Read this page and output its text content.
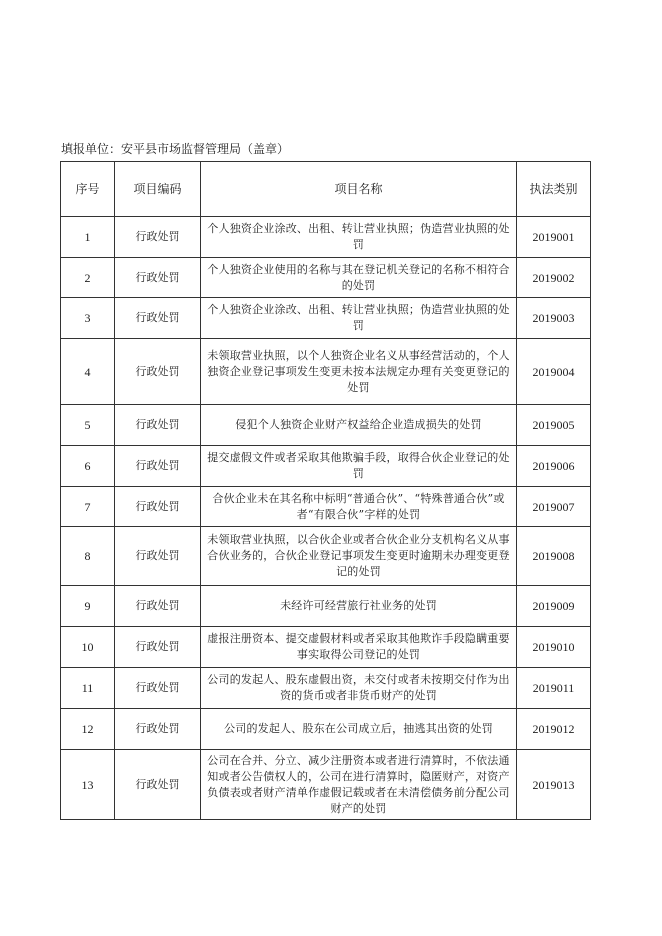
填报单位：安平县市场监督管理局（盖章）
序号	项目编码	项目名称	执法类别
1	行政处罚	个人独资企业涂改、出租、转让营业执照；伪造营业执照的处罚	2019001
2	行政处罚	个人独资企业使用的名称与其在登记机关登记的名称不相符合的处罚	2019002
3	行政处罚	个人独资企业涂改、出租、转让营业执照；伪造营业执照的处罚	2019003
4	行政处罚	未领取营业执照，以个人独资企业名义从事经营活动的，个人独资企业登记事项发生变更未按本法规定办理有关变更登记的处罚	2019004
5	行政处罚	侵犯个人独资企业财产权益给企业造成损失的处罚	2019005
6	行政处罚	提交虚假文件或者采取其他欺骗手段，取得合伙企业登记的处罚	2019006
7	行政处罚	合伙企业未在其名称中标明“普通合伙”、“特殊普通合伙”或者“有限合伙”字样的处罚	2019007
8	行政处罚	未领取营业执照，以合伙企业或者合伙企业分支机构名义从事合伙业务的，合伙企业登记事项发生变更时逾期未办理变更登记的处罚	2019008
9	行政处罚	未经许可经营旅行社业务的处罚	2019009
10	行政处罚	虚报注册资本、提交虚假材料或者采取其他欺诈手段隐瞒重要事实取得公司登记的处罚	2019010
11	行政处罚	公司的发起人、股东虚假出资，未交付或者未按期交付作为出资的货币或者非货币财产的处罚	2019011
12	行政处罚	公司的发起人、股东在公司成立后，抽逃其出资的处罚	2019012
13	行政处罚	公司在合并、分立、减少注册资本或者进行清算时，不依法通知或者公告债权人的，公司在进行清算时，隐匿财产，对资产负债表或者财产清单作虚假记载或者在未清偿债务前分配公司财产的处罚	2019013
